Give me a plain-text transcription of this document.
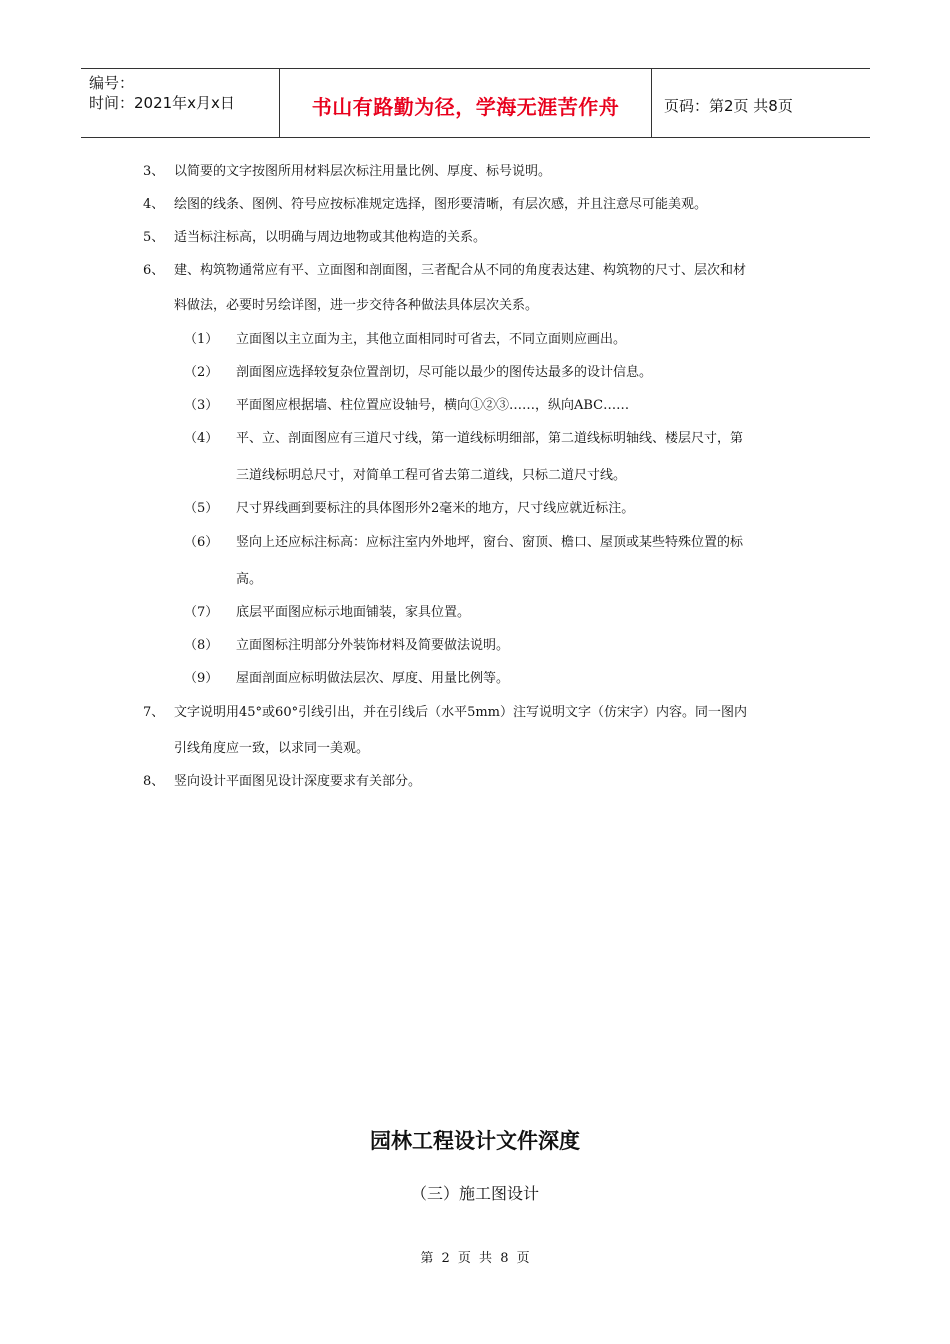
编号：
时间：2021年x月x日	书山有路勤为径，学海无涯苦作舟	页码：第2页 共8页
3、 以简要的文字按图所用材料层次标注用量比例、厚度、标号说明。
4、 绘图的线条、图例、符号应按标准规定选择，图形要清晰，有层次感，并且注意尽可能美观。
5、 适当标注标高，以明确与周边地物或其他构造的关系。
6、 建、构筑物通常应有平、立面图和剖面图，三者配合从不同的角度表达建、构筑物的尺寸、层次和材
料做法，必要时另绘详图，进一步交待各种做法具体层次关系。
（1） 立面图以主立面为主，其他立面相同时可省去，不同立面则应画出。
（2） 剖面图应选择较复杂位置剖切，尽可能以最少的图传达最多的设计信息。
（3） 平面图应根据墙、柱位置应设轴号，横向①②③……，纵向ABC……
（4） 平、立、剖面图应有三道尺寸线，第一道线标明细部，第二道线标明轴线、楼层尺寸，第
三道线标明总尺寸，对简单工程可省去第二道线，只标二道尺寸线。
（5） 尺寸界线画到要标注的具体图形外2毫米的地方，尺寸线应就近标注。
（6） 竖向上还应标注标高：应标注室内外地坪，窗台、窗顶、檐口、屋顶或某些特殊位置的标
高。
（7） 底层平面图应标示地面铺装，家具位置。
（8） 立面图标注明部分外装饰材料及简要做法说明。
（9） 屋面剖面应标明做法层次、厚度、用量比例等。
7、 文字说明用45°或60°引线引出，并在引线后（水平5mm）注写说明文字（仿宋字）内容。同一图内
引线角度应一致，以求同一美观。
8、 竖向设计平面图见设计深度要求有关部分。
园林工程设计文件深度
（三）施工图设计
第 2 页 共 8 页
